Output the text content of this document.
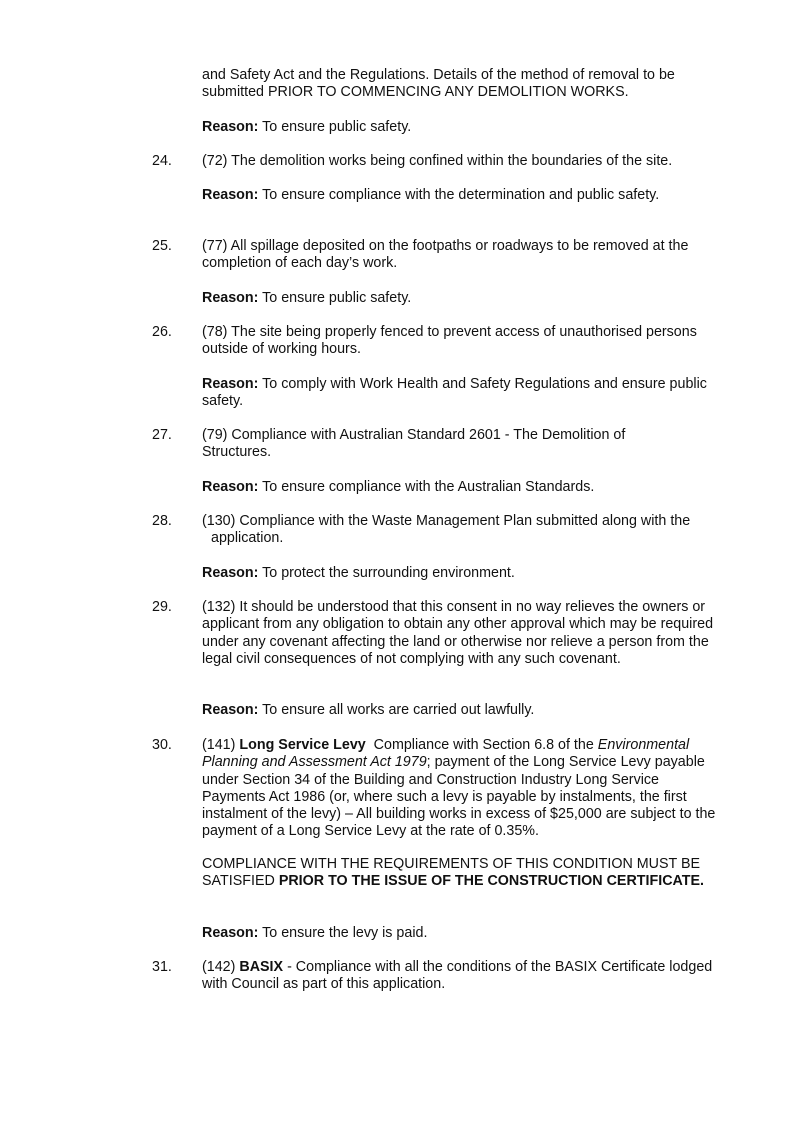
and Safety Act and the Regulations. Details of the method of removal to be submitted PRIOR TO COMMENCING ANY DEMOLITION WORKS.

Reason: To ensure public safety.

24. (72) The demolition works being confined within the boundaries of the site.

Reason: To ensure compliance with the determination and public safety.

25. (77) All spillage deposited on the footpaths or roadways to be removed at the completion of each day’s work.

Reason: To ensure public safety.

26. (78) The site being properly fenced to prevent access of unauthorised persons outside of working hours.

Reason: To comply with Work Health and Safety Regulations and ensure public safety.

27. (79) Compliance with Australian Standard 2601 - The Demolition of Structures.

Reason: To ensure compliance with the Australian Standards.

28. (130) Compliance with the Waste Management Plan submitted along with the application.

Reason: To protect the surrounding environment.

29. (132) It should be understood that this consent in no way relieves the owners or applicant from any obligation to obtain any other approval which may be required under any covenant affecting the land or otherwise nor relieve a person from the legal civil consequences of not complying with any such covenant.

Reason: To ensure all works are carried out lawfully.

30. (141) Long Service Levy Compliance with Section 6.8 of the Environmental Planning and Assessment Act 1979; payment of the Long Service Levy payable under Section 34 of the Building and Construction Industry Long Service Payments Act 1986 (or, where such a levy is payable by instalments, the first instalment of the levy) – All building works in excess of $25,000 are subject to the payment of a Long Service Levy at the rate of 0.35%.

COMPLIANCE WITH THE REQUIREMENTS OF THIS CONDITION MUST BE SATISFIED PRIOR TO THE ISSUE OF THE CONSTRUCTION CERTIFICATE.

Reason: To ensure the levy is paid.

31. (142) BASIX - Compliance with all the conditions of the BASIX Certificate lodged with Council as part of this application.
